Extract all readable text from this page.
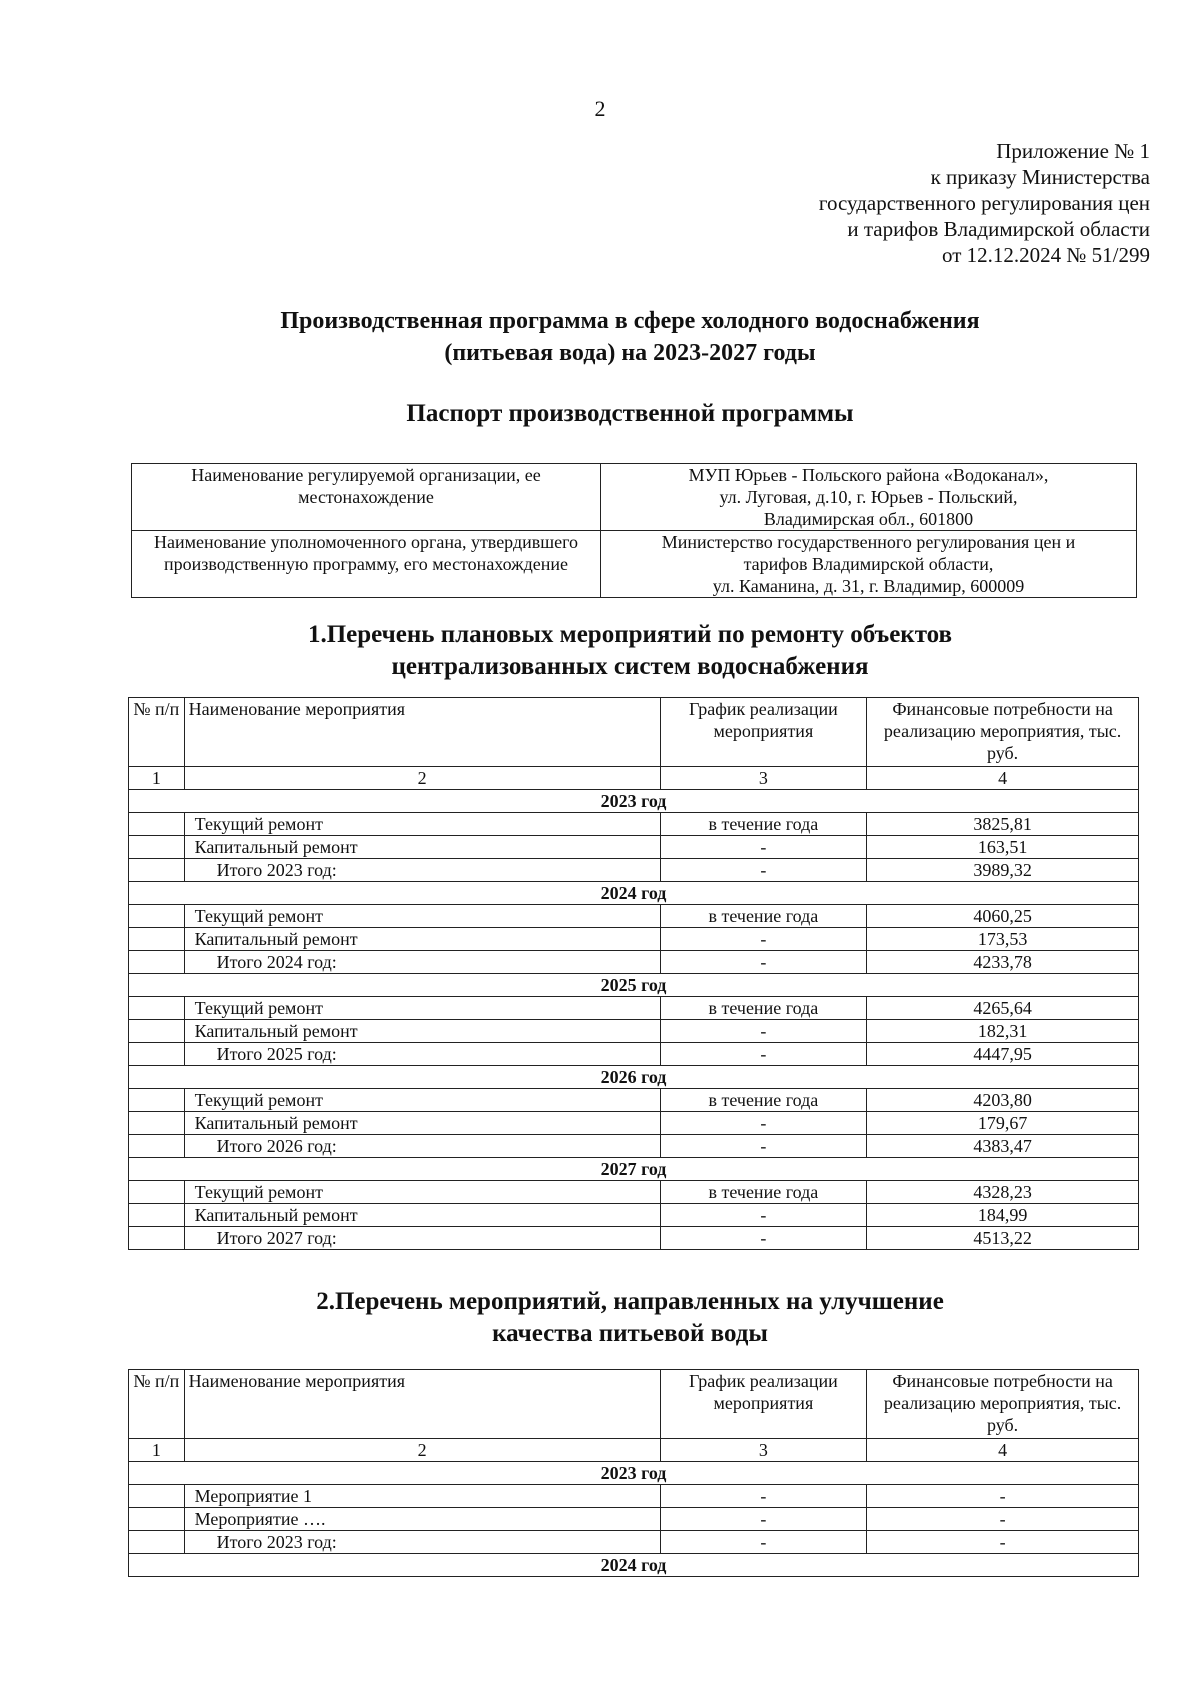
2
Приложение № 1
к приказу Министерства
государственного регулирования цен
и тарифов Владимирской области
от 12.12.2024 № 51/299
Производственная программа в сфере холодного водоснабжения
(питьевая вода) на 2023-2027 годы
Паспорт производственной программы
Наименование регулируемой организации, ее местонахождение	МУП Юрьев - Польского района «Водоканал»,
ул. Луговая, д.10, г. Юрьев - Польский,
Владимирская обл., 601800

Наименование уполномоченного органа, утвердившего производственную программу, его местонахождение	Министерство государственного регулирования цен и
тарифов Владимирской области,
ул. Каманина, д. 31, г. Владимир, 600009
1.Перечень плановых мероприятий по ремонту объектов
централизованных систем водоснабжения
№ п/п	Наименование мероприятия	График реализации мероприятия	Финансовые потребности на реализацию мероприятия, тыс. руб.
1	2	3	4
2023 год			
	Текущий ремонт	в течение года	3825,81
	Капитальный ремонт	-	163,51
	Итого 2023 год:	-	3989,32
2024 год			
	Текущий ремонт	в течение года	4060,25
	Капитальный ремонт	-	173,53
	Итого 2024 год:	-	4233,78
2025 год			
	Текущий ремонт	в течение года	4265,64
	Капитальный ремонт	-	182,31
	Итого 2025 год:	-	4447,95
2026 год			
	Текущий ремонт	в течение года	4203,80
	Капитальный ремонт	-	179,67
	Итого 2026 год:	-	4383,47
2027 год			
	Текущий ремонт	в течение года	4328,23
	Капитальный ремонт	-	184,99
	Итого 2027 год:	-	4513,22
2.Перечень мероприятий, направленных на улучшение
качества питьевой воды
№ п/п	Наименование мероприятия	График реализации мероприятия	Финансовые потребности на реализацию мероприятия, тыс. руб.
1	2	3	4
2023 год			
	Мероприятие 1	-	-
	Мероприятие ….	-	-
	Итого 2023 год:	-	-
2024 год			
